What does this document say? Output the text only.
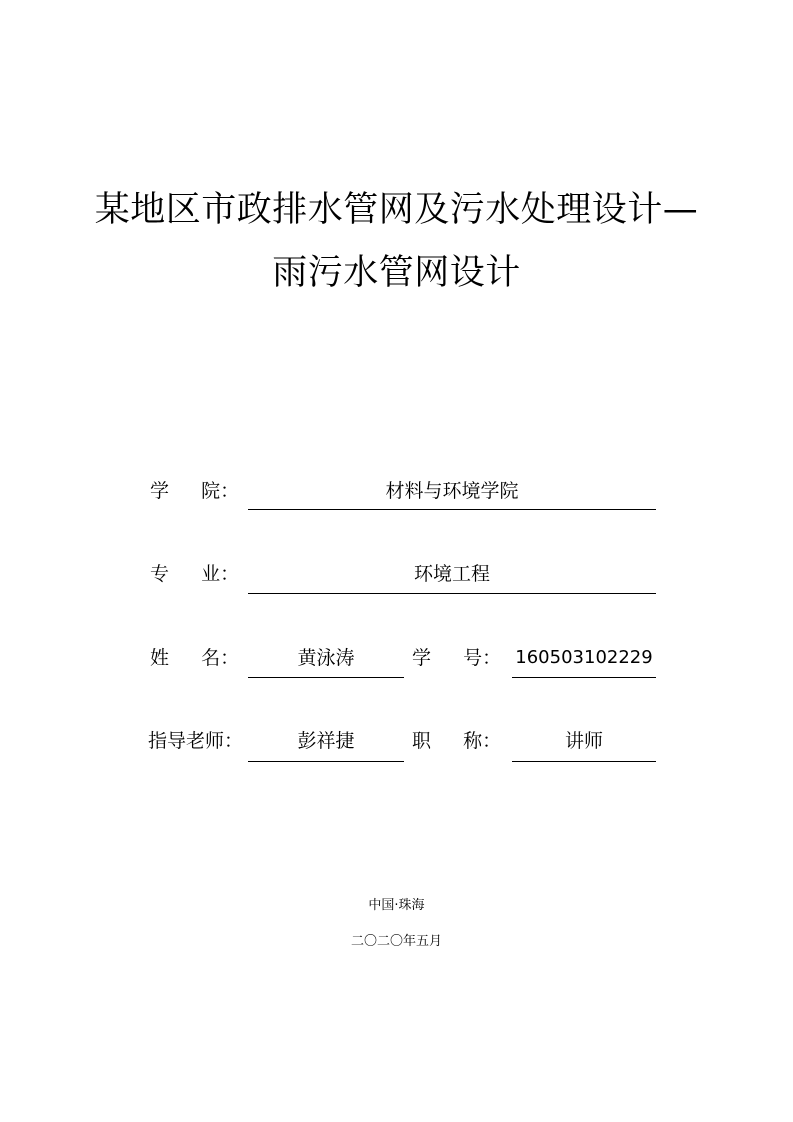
某地区市政排水管网及污水处理设计—
雨污水管网设计
学 院：	材料与环境学院
专 业：	环境工程
姓 名：	黄泳涛	学 号： 160503102229
指导老师：	彭祥捷	职 称：	讲师
中国·珠海
二〇二〇年五月
